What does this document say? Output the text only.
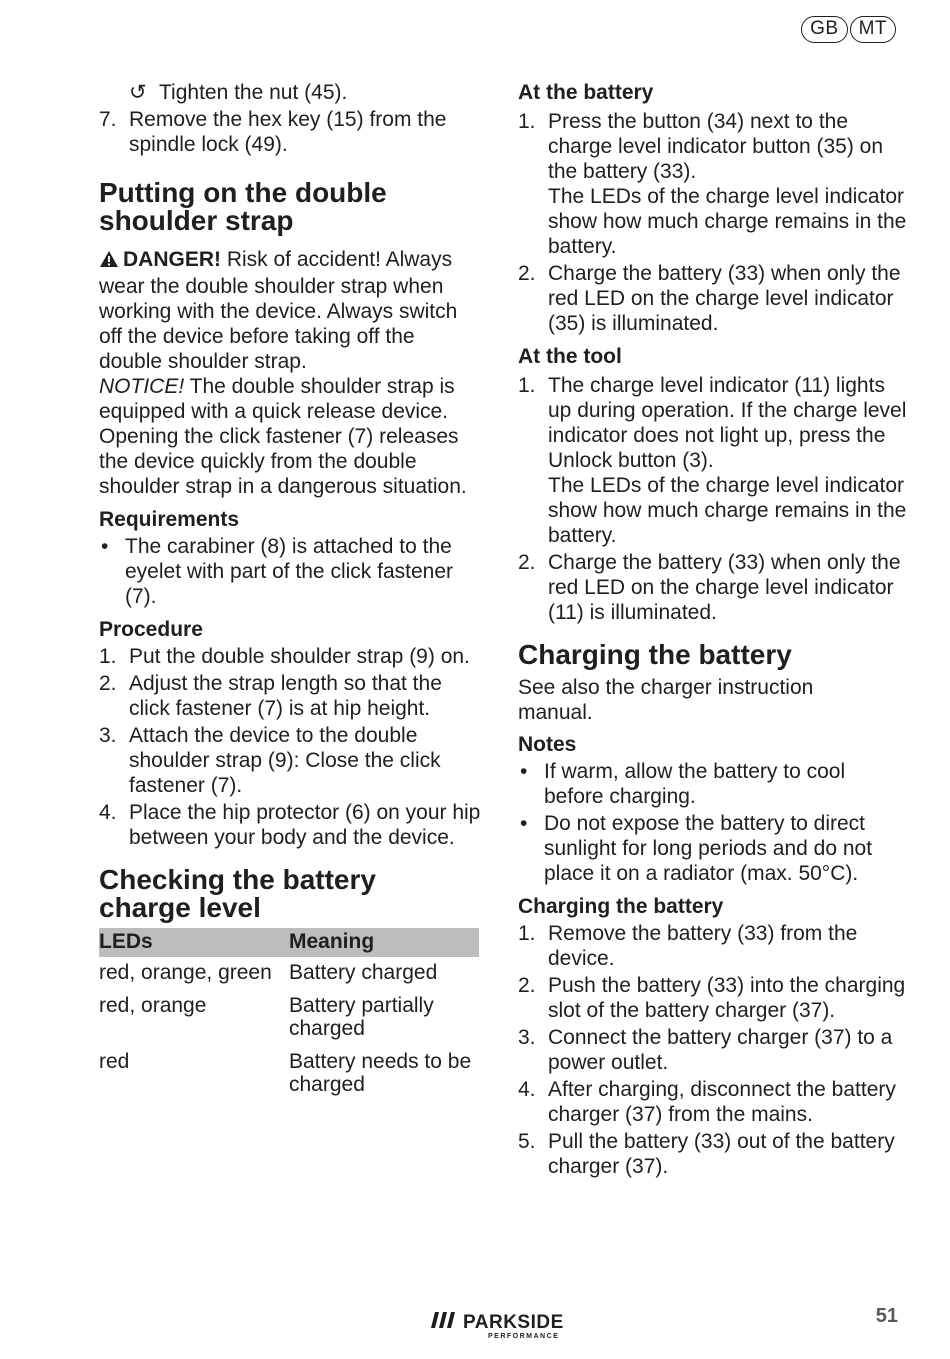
GB	MT
↺ Tighten the nut (45).
7. Remove the hex key (15) from the spindle lock (49).
Putting on the double shoulder strap

DANGER! Risk of accident! Always wear the double shoulder strap when working with the device. Always switch off the device before taking off the double shoulder strap.

NOTICE! The double shoulder strap is equipped with a quick release device. Opening the click fastener (7) releases the device quickly from the double shoulder strap in a dangerous situation.

Requirements
• The carabiner (8) is attached to the eyelet with part of the click fastener (7).
Procedure
1. Put the double shoulder strap (9) on.
2. Adjust the strap length so that the click fastener (7) is at hip height.
3. Attach the device to the double shoulder strap (9): Close the click fastener (7).
4. Place the hip protector (6) on your hip between your body and the device.
Checking the battery charge level
LEDs	Meaning
red, orange, green	Battery charged
red, orange	Battery partially charged
red	Battery needs to be charged
At the battery
1. Press the button (34) next to the charge level indicator button (35) on the battery (33).
The LEDs of the charge level indicator show how much charge remains in the battery.
2. Charge the battery (33) when only the red LED on the charge level indicator (35) is illuminated.
At the tool
1. The charge level indicator (11) lights up during operation. If the charge level indicator does not light up, press the Unlock button (3).
The LEDs of the charge level indicator show how much charge remains in the battery.
2. Charge the battery (33) when only the red LED on the charge level indicator (11) is illuminated.
Charging the battery

See also the charger instruction manual.

Notes
• If warm, allow the battery to cool before charging.
• Do not expose the battery to direct sunlight for long periods and do not place it on a radiator (max. 50°C).
Charging the battery
1. Remove the battery (33) from the device.
2. Push the battery (33) into the charging slot of the battery charger (37).
3. Connect the battery charger (37) to a power outlet.
4. After charging, disconnect the battery charger (37) from the mains.
5. Pull the battery (33) out of the battery charger (37).
PARKSIDE
PERFORMANCE
51
